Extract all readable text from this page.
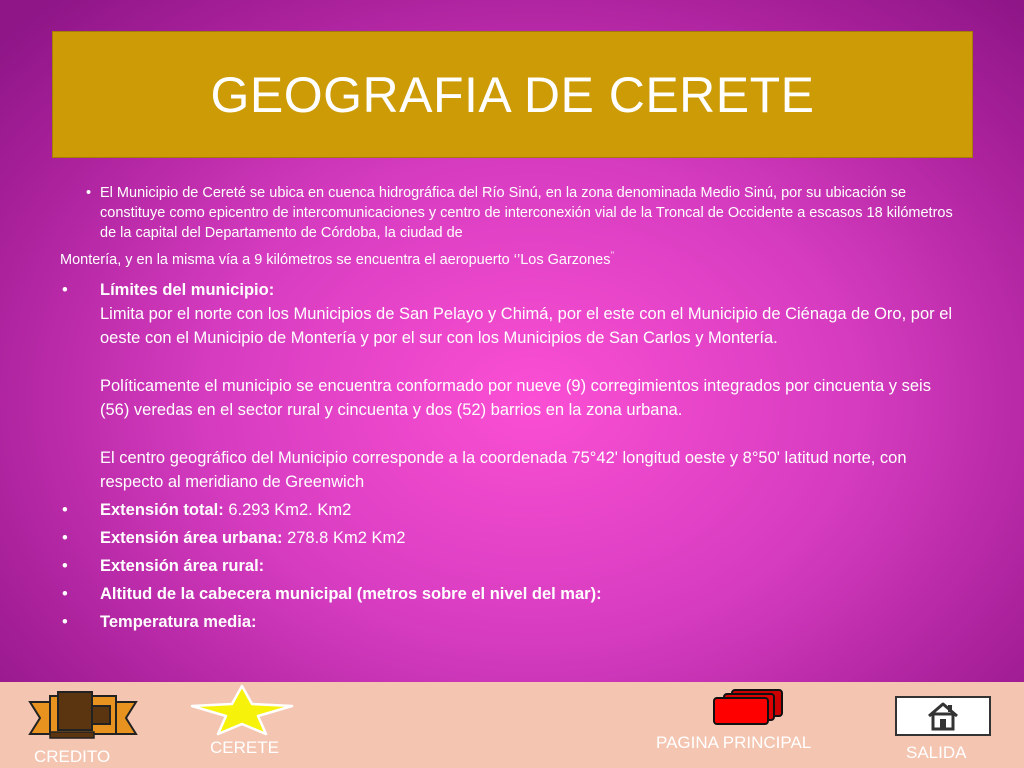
GEOGRAFIA DE CERETE
• El Municipio de Cereté se ubica en cuenca hidrográfica del Río Sinú, en la zona denominada Medio Sinú, por su ubicación se constituye como epicentro de intercomunicaciones y centro de interconexión vial de la Troncal de Occidente a escasos 18 kilómetros de la capital del Departamento de Córdoba, la ciudad de
Montería, y en la misma vía a 9 kilómetros se encuentra el aeropuerto ‘’Los Garzones’’
• Límites del municipio:
Limita por el norte con los Municipios de San Pelayo y Chimá, por el este con el Municipio de Ciénaga de Oro, por el oeste con el Municipio de Montería y por el sur con los Municipios de San Carlos y Montería.
Políticamente el municipio se encuentra conformado por nueve (9) corregimientos integrados por cincuenta y seis (56) veredas en el sector rural y cincuenta y dos (52) barrios en la zona urbana.
El centro geográfico del Municipio corresponde a la coordenada 75°42' longitud oeste y 8°50' latitud norte, con respecto al meridiano de Greenwich
• Extensión total: 6.293 Km2. Km2
• Extensión área urbana: 278.8 Km2 Km2
• Extensión área rural:
• Altitud de la cabecera municipal (metros sobre el nivel del mar):
• Temperatura media:
CREDITO	CERETE	PAGINA PRINCIPAL
SALIDA
